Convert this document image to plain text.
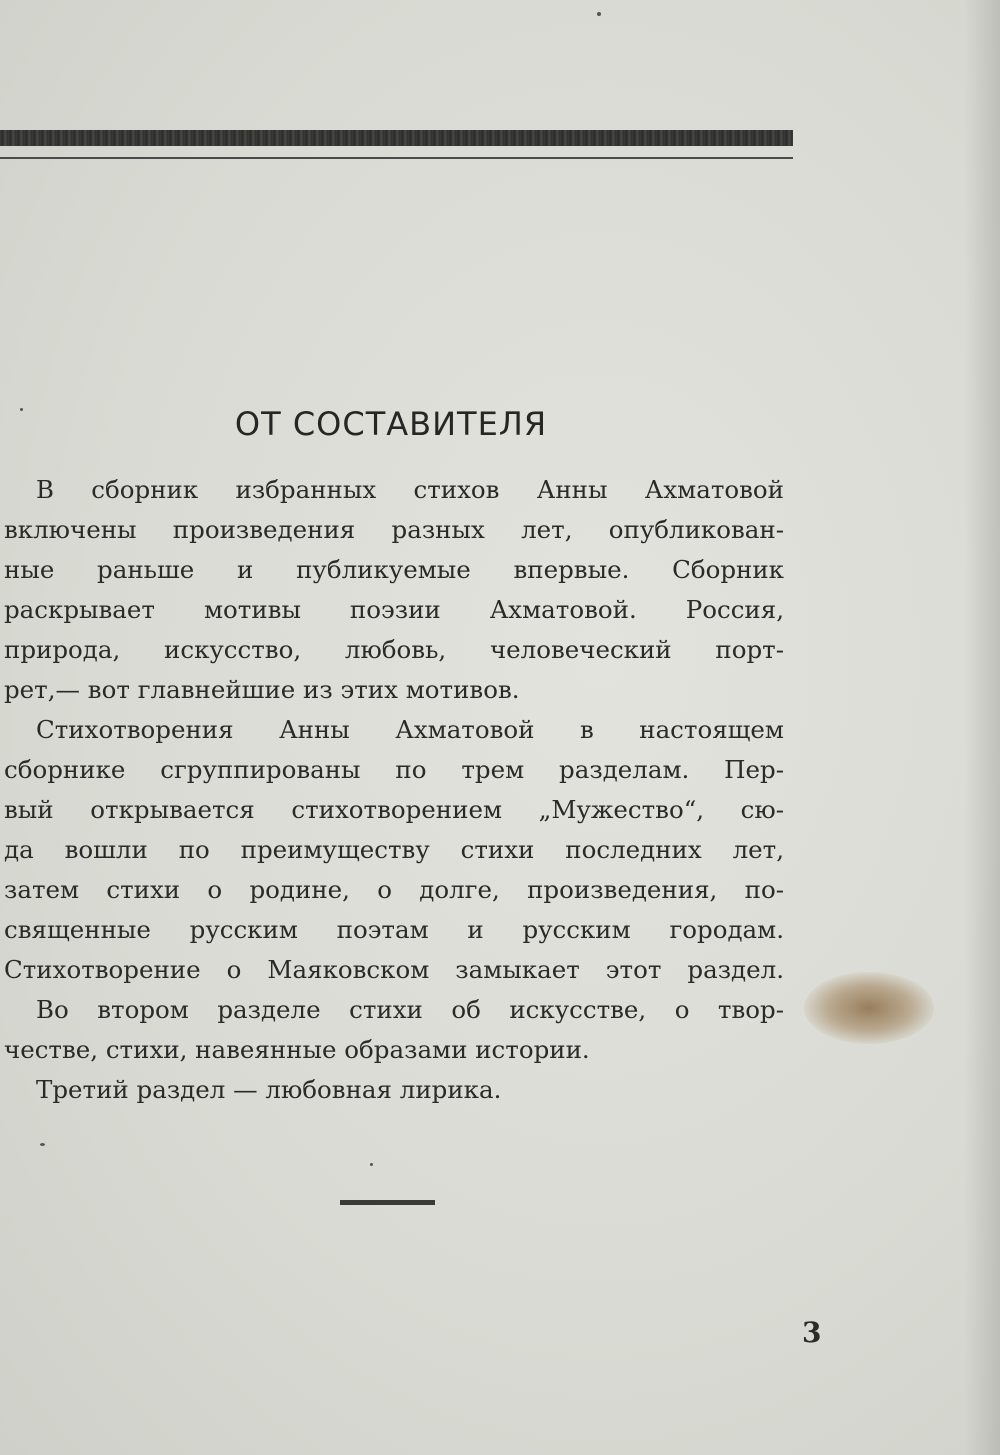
ОТ СОСТАВИТЕЛЯ
В сборник избранных стихов Анны Ахматовой
включены произведения разных лет, опубликован-
ные раньше и публикуемые впервые. Сборник
раскрывает мотивы поэзии Ахматовой. Россия,
природа, искусство, любовь, человеческий порт-
рет,— вот главнейшие из этих мотивов.
Стихотворения Анны Ахматовой в настоящем
сборнике сгруппированы по трем разделам. Пер-
вый открывается стихотворением „Мужество“, сю-
да вошли по преимуществу стихи последних лет,
затем стихи о родине, о долге, произведения, по-
священные русским поэтам и русским городам.
Стихотворение о Маяковском замыкает этот раздел.
Во втором разделе стихи об искусстве, о твор-
честве, стихи, навеянные образами истории.
Третий раздел — любовная лирика.
3
